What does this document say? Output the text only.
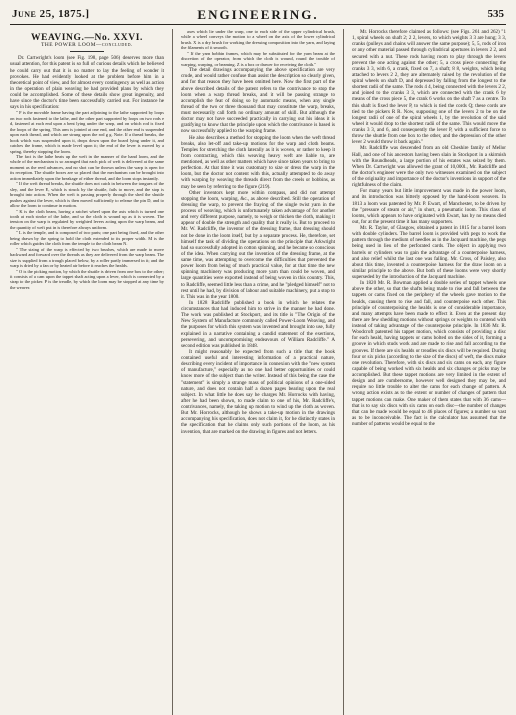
June 25, 1875.]	ENGINEERING.	535
WEAVING.—No. XXVI.
THE POWER LOOM—concluded.

Dr. Cartwright's loom (see Fig. 198, page 506) deserves more than usual attention, for this patent is so full of curious details which he believed he could carry out that it is no matter to lay the feeling of wonder it provokes. He had evidently looked at the problem before him in a theoretical point of view, and for almost every contingency as well as action in the operation of plain weaving he had provided plans by which they could be accomplished. Some of these details show great ingenuity, and have since the doctor's time been successfully carried out. For instance he says in his specification:

" F is the movable frame having the part adjoining to the lathe supported by loops on two rods fastened to the lathe, and the other part supported by loops on two rods e d, fastened at each end upon a bent lying under the warp, and on which rod is fixed the loops of the spring. This arm is jointed at one end, and the other end is suspended upon each thread, and which are strung upon the rod g g. Note. If a thread breaks, the hook which was suspended upon it, drops down upon the board lying under it, and catches the frame, which is made level upon it; the end of the lever is moved by a spring, thereby stopping the loom.

The fact is the lathe beats up the weft in the manner of the hand loom, and the whole of the mechanism is so arranged that each pick of weft is delivered at the same moment as the reed advances, and no shot can be thrown unless the warp is open for its reception. The shuttle boxes are so placed that the mechanism can be brought into action immediately upon the breakage of either thread, and the loom stops instantly.

" If the weft thread breaks, the shuttle does not catch in between the tongues of the sley, and the lever E, which is struck by the shuttle, fails to move, and the stop is brought into action. When the weft is passing properly through the shed the shuttle pushes against the lever, which is then moved sufficiently to release the pin D, and to allow the loom to continue in motion.

" K is the cloth beam, having a ratchet wheel upon the axis which is turned one tooth at each stroke of the lathe, and so the cloth is wound up as it is woven. The tension on the warp is regulated by weighted levers acting upon the warp beam, and the quantity of weft put in is therefore always uniform.

" L is the temple, and is composed of two parts; one part being fixed, and the other being drawn by the spring to hold the cloth extended to its proper width. M is the roller which guides the cloth from the temple to the cloth beam N.

" The sizing of the warp is effected by two brushes, which are made to move backward and forward over the threads as they are delivered from the warp beam. The size is supplied from a trough placed below, by a roller partly immersed in it; and the warp is dried by a fan or by heated air before it reaches the healds.

" O is the picking motion, by which the shuttle is driven from one box to the other; it consists of a cam upon the tappet shaft acting upon a lever, which is connected by a strap to the picker. P is the treadle, by which the loom may be stopped at any time by the weaver.

axes which lie under the warp, one to each side of the upper cylindrical brush, while a wheel conveys the motion to a wheel on the axis of the lower cylindrical brush. X is a dry brush for working the dressing composition into the yarn, and laying the filaments of it smooth.

" If the yarn bobbin frames, which may be substituted for the yarn beam at the discretion of the operator, from which the cloth is wound, round the trouble of warping, warping, or beaming. Z is a box or drawer for receiving the cloth."

The detail drawings accompanying the above specification are very crude, and would rather confuse than assist the description so clearly given, and for that reason they have been omitted here. Now the first part of the above described details of the patent refers to the contrivance to stop the loom when a warp thread breaks, and it will be passing strange to accomplish the feat of doing so by automatic means, when any single thread of the two or three thousand that may constitute the warp, breaks, must necessarily call forth no ordinary amount of skill. But although the doctor may not have succeeded practically in carrying out his ideas it is gratifying to know that the principle upon which the contrivance is based is now successfully applied to the warping frame.

He also describes a method for stopping the loom when the weft thread breaks, also let-off and take-up motions for the warp and cloth beams. Temples for stretching the cloth laterally as it is woven, or rather to keep it from contracting, which this weaving heavy weft are liable to, are mentioned, as well as other matters which have since taken years to bring to perfection. At that time it was customary to size or dress the warp in the loom, but the doctor not content with this, actually attempted to do away with warping by weaving the threads direct from the creels or bobbins, as may be seen by referring to the figure (219).

Other inventors kept more within compass, and did not attempt stopping the loom, warping, &c., as above described. Still the operation of dressing the warp, to prevent the fraying of the single twist yarn in the process of weaving, which is unfortunately taken advantage of for another and very different purpose, namely, to weigh or thicken the cloth, making it appear of double the strength and quality that it really is. But to proceed to Mr. W. Radcliffe, the inventor of the dressing frame, that dressing should not be done in the loom itself, but by a separate process. He, therefore, set himself the task of dividing the operations on the principle that Arkwright had so successfully adopted in cotton spinning, and he became so conscious of the idea. When carrying out the invention of the dressing frame, at the same time, was attempting to overcome the difficulties that prevented the power loom from being of much practical value, for at that time the new spinning machinery was producing more yarn than could be woven, and large quantities were exported instead of being woven in this country. This, to Radcliffe, seemed little less than a crime, and he "pledged himself" not to rest until he had, by division of labour and suitable machinery, put a stop to it. This was in the year 1800.

In 1828 Radcliffe published a book in which he relates the circumstances that had induced him to strive in the manner he had done. The work was published at Stockport, and its title is "The Origin of the New System of Manufacture commonly called Power-Loom Weaving, and the purposes for which this system was invented and brought into use, fully explained in a narrative containing a candid statement of the exertions, persevering, and uncompromising endeavours of William Radcliffe." A second edition was published in 1848.

It might reasonably be expected from such a title that the book contained useful and interesting information of a practical nature, describing every incident of importance in connexion with the "new system of manufacture," especially as no one had better opportunities or could know more of the subject than the writer. Instead of this being the case the "statement" is simply a strange mass of political opinions of a one-sided nature, and does not contain half a dozen pages bearing upon the real subject. In what little he does say he charges Mr. Horrocks with having, after he had been shown, to made claim to one of his, Mr. Radcliffe's, contrivances, namely, the taking up motion to wind up the cloth as woven. But Mr. Horrocks, although he shows a take-up motion in the drawings accompanying his specification, does not claim it, for he distinctly states in the specification that he claims only such portions of the loom, as his invention, that are marked on the drawing in figures and not letters.

Mr. Horrocks therefore claimed as follows: (see Figs. 261 and 262) "1 1, spiral wheels on shaft 2; 2 2, levers, to which weights 3 3 are hung; 3 3, cranks (pulleys and chains will answer the same purpose); 5, 5, rods of iron or any other material passed through cylindrical apertures in levers 2 2, and secured with a nut. These rods having room to play through the levers prevent the one acting against the other; 5, a cross piece connecting the cranks 3 3, with 6, a crank, fixed on 7, a shaft; 8 8, weights, which being attached to levers 2 2, they are alternately raised by the revolution of the spiral wheels on shaft D, and depressed by falling from the longest to the shortest radii of the same. The rods 4 4, being connected with the levers 2 2, and joined to the cranks 3 3, which are connected with the crank 6 by means of the cross piece 5, the crank 6 works on the shaft 7 as a centre. To this shaft is fixed the lever P, to which is tied the cords Q; these cords are tied to the pickers R R. Now, supposing one of the levers 2 to be on the longest radii of one of the spiral wheels 1, by the revolution of the said wheel it would drop to the shortest radii of the same. This would move the cranks 3 3, and 6, and consequently the lever P, with a sufficient force to throw the shuttle from one box to the other, and the depression of the other lever 2 would throw it back again."

Mr. Radcliffe was descended from an old Cheshire family of Mellor Hall, and one of his ancestors having been slain in Stockport in a skirmish with the Roundheads, a large portion of his estates was seized by them. When Dr. Cartwright was allowed the grant of 10,000l., Mr. Radcliffe and the doctor's engineer were the only two witnesses examined on the subject of the originality and importance of the doctor's inventions in support of the rightfulness of the claim.

For many years but little improvement was made in the power loom, and its introduction was bitterly opposed by the hand-loom weavers. In 1813 a loom was patented by Mr. P. Ewart, of Manchester, to be driven by the "pressure of steam or air," in short, a pneumatic loom. This class of looms, which appears to have originated with Ewart, has by no means died out, for at the present time it has many supporters.

Mr. R. Taylor, of Glasgow, obtained a patent in 1815 for a barrel loom with double cylinders. The barrel loom is provided with pegs to work the pattern through the medium of needles as in the Jacquard machine, the pegs being used in lieu of the perforated cards. The object in applying two barrels or cylinders was to gain the advantage of a counterpoise harness, and also relief whilst the last one was falling. Mr. Cross, of Paisley, also about this time, invented a counterpoise harness for the draw loom on a similar principle to the above. But both of these looms were very shortly superseded by the introduction of the Jacquard machine.

In 1820 Mr. R. Bowman applied a double series of tappet wheels one above the other, so that the shafts being made to rise and fall between the tappets or cams fixed on the periphery of the wheels gave motion to the healds, causing them to rise and fall, and counterpoise each other. This principle of counterpoising the healds is one of considerable importance, and many attempts have been made to effect it. Even at the present day there are few shedding motions without springs or weights to contend with instead of taking advantage of the counterpoise principle. In 1836 Mr. R. Woodcroft patented his tappet motion, which consists of providing a disc for each heald, having tappets or cams bolted on the sides of it, forming a groove in which studs work and are made to rise and fall according to the grooves. If there are six healds or treadles six discs will be required. During four or six picks (according to the size of the discs) of weft, the discs make one revolution. Therefore, with six discs and six cams on each, any figure capable of being worked with six healds and six changes or picks may be accomplished. But these tappet motions are very limited in the extent of design and are cumbersome, however well designed they may be, and require no little trouble to alter the cams for each change of pattern. A wrong action exists as to the extent or number of changes of pattern that tappet motions can make. One maker of them states that with 36 cams—that is to say six discs with six cams on each disc—the number of changes that can be made would be equal to 46 places of figures; a number so vast as to be inconceivable. The fact is the calculator has assumed that the number of patterns would be equal to the
